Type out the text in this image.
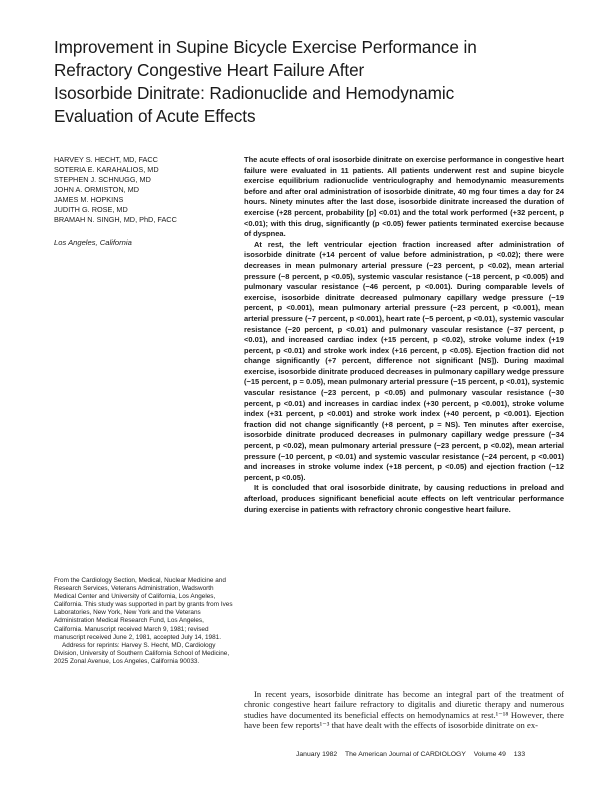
Improvement in Supine Bicycle Exercise Performance in
Refractory Congestive Heart Failure After
Isosorbide Dinitrate: Radionuclide and Hemodynamic
Evaluation of Acute Effects
HARVEY S. HECHT, MD, FACC
SOTERIA E. KARAHALIOS, MD
STEPHEN J. SCHNUGG, MD
JOHN A. ORMISTON, MD
JAMES M. HOPKINS
JUDITH G. ROSE, MD
BRAMAH N. SINGH, MD, PhD, FACC
Los Angeles, California

The acute effects of oral isosorbide dinitrate on exercise performance in congestive heart failure were evaluated in 11 patients. All patients underwent rest and supine bicycle exercise equilibrium radionuclide ventriculography and hemodynamic measurements before and after oral administration of isosorbide dinitrate, 40 mg four times a day for 24 hours. Ninety minutes after the last dose, isosorbide dinitrate increased the duration of exercise (+28 percent, probability [p] <0.01) and the total work performed (+32 percent, p <0.01); with this drug, significantly (p <0.05) fewer patients terminated exercise because of dyspnea.

At rest, the left ventricular ejection fraction increased after administration of isosorbide dinitrate (+14 percent of value before administration, p <0.02); there were decreases in mean pulmonary arterial pressure (−23 percent, p <0.02), mean arterial pressure (−8 percent, p <0.05), systemic vascular resistance (−18 percent, p <0.005) and pulmonary vascular resistance (−46 percent, p <0.001). During comparable levels of exercise, isosorbide dinitrate decreased pulmonary capillary wedge pressure (−19 percent, p <0.001), mean pulmonary arterial pressure (−23 percent, p <0.001), mean arterial pressure (−7 percent, p <0.001), heart rate (−5 percent, p <0.01), systemic vascular resistance (−20 percent, p <0.01) and pulmonary vascular resistance (−37 percent, p <0.01), and increased cardiac index (+15 percent, p <0.02), stroke volume index (+19 percent, p <0.01) and stroke work index (+16 percent, p <0.05). Ejection fraction did not change significantly (+7 percent, difference not significant [NS]). During maximal exercise, isosorbide dinitrate produced decreases in pulmonary capillary wedge pressure (−15 percent, p = 0.05), mean pulmonary arterial pressure (−15 percent, p <0.01), systemic vascular resistance (−23 percent, p <0.05) and pulmonary vascular resistance (−30 percent, p <0.01) and increases in cardiac index (+30 percent, p <0.001), stroke volume index (+31 percent, p <0.001) and stroke work index (+40 percent, p <0.001). Ejection fraction did not change significantly (+8 percent, p = NS). Ten minutes after exercise, isosorbide dinitrate produced decreases in pulmonary capillary wedge pressure (−34 percent, p <0.02), mean pulmonary arterial pressure (−23 percent, p <0.02), mean arterial pressure (−10 percent, p <0.01) and systemic vascular resistance (−24 percent, p <0.001) and increases in stroke volume index (+18 percent, p <0.05) and ejection fraction (−12 percent, p <0.05).

It is concluded that oral isosorbide dinitrate, by causing reductions in preload and afterload, produces significant beneficial acute effects on left ventricular performance during exercise in patients with refractory chronic congestive heart failure.

From the Cardiology Section, Medical, Nuclear Medicine and Research Services, Veterans Administration, Wadsworth Medical Center and University of California, Los Angeles, California. This study was supported in part by grants from Ives Laboratories, New York, New York and the Veterans Administration Medical Research Fund, Los Angeles, California. Manuscript received March 9, 1981; revised manuscript received June 2, 1981, accepted July 14, 1981.

Address for reprints: Harvey S. Hecht, MD, Cardiology Division, University of Southern California School of Medicine, 2025 Zonal Avenue, Los Angeles, California 90033.

In recent years, isosorbide dinitrate has become an integral part of the treatment of chronic congestive heart failure refractory to digitalis and diuretic therapy and numerous studies have documented its beneficial effects on hemodynamics at rest.¹⁻¹⁸ However, there have been few reports¹⁻³ that have dealt with the effects of isosorbide dinitrate on ex-

January 1982 The American Journal of CARDIOLOGY Volume 49 133
